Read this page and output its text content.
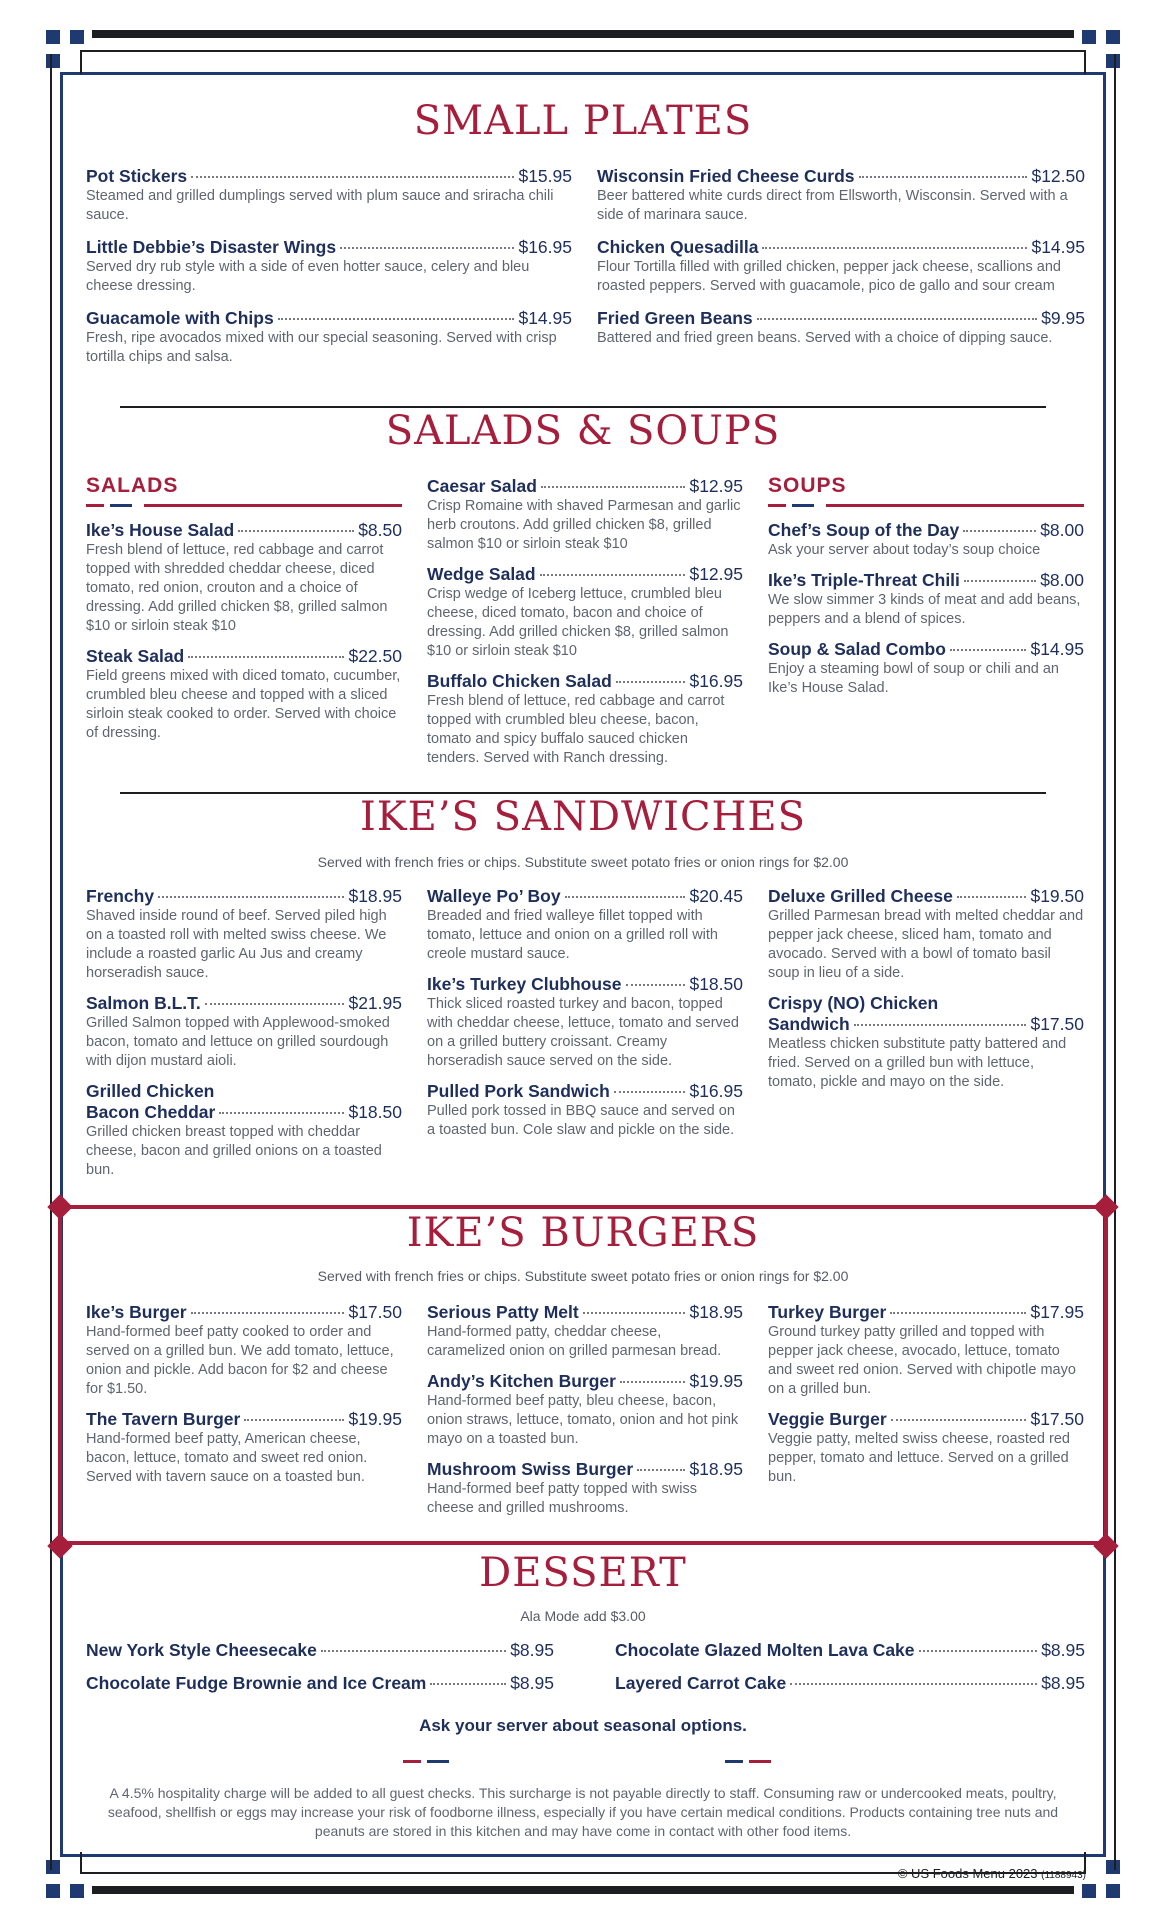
SMALL PLATES
Pot Stickers	$15.95
Steamed and grilled dumplings served with plum sauce and sriracha chili sauce.
Little Debbie’s Disaster Wings	$16.95
Served dry rub style with a side of even hotter sauce, celery and bleu cheese dressing.
Guacamole with Chips	$14.95
Fresh, ripe avocados mixed with our special seasoning. Served with crisp tortilla chips and salsa.
Wisconsin Fried Cheese Curds	$12.50
Beer battered white curds direct from Ellsworth, Wisconsin. Served with a side of marinara sauce.
Chicken Quesadilla	$14.95
Flour Tortilla filled with grilled chicken, pepper jack cheese, scallions and roasted peppers. Served with guacamole, pico de gallo and sour cream
Fried Green Beans	$9.95
Battered and fried green beans. Served with a choice of dipping sauce.
SALADS & SOUPS
SALADS
Ike’s House Salad	$8.50
Fresh blend of lettuce, red cabbage and carrot topped with shredded cheddar cheese, diced tomato, red onion, crouton and a choice of dressing. Add grilled chicken $8, grilled salmon $10 or sirloin steak $10
Steak Salad	$22.50
Field greens mixed with diced tomato, cucumber, crumbled bleu cheese and topped with a sliced sirloin steak cooked to order. Served with choice of dressing.
Caesar Salad	$12.95
Crisp Romaine with shaved Parmesan and garlic herb croutons. Add grilled chicken $8, grilled salmon $10 or sirloin steak $10
Wedge Salad	$12.95
Crisp wedge of Iceberg lettuce, crumbled bleu cheese, diced tomato, bacon and choice of dressing. Add grilled chicken $8, grilled salmon $10 or sirloin steak $10
Buffalo Chicken Salad	$16.95
Fresh blend of lettuce, red cabbage and carrot topped with crumbled bleu cheese, bacon, tomato and spicy buffalo sauced chicken tenders. Served with Ranch dressing.
SOUPS
Chef’s Soup of the Day	$8.00
Ask your server about today’s soup choice
Ike’s Triple-Threat Chili	$8.00
We slow simmer 3 kinds of meat and add beans, peppers and a blend of spices.
Soup & Salad Combo	$14.95
Enjoy a steaming bowl of soup or chili and an Ike’s House Salad.
IKE’S SANDWICHES
Served with french fries or chips. Substitute sweet potato fries or onion rings for $2.00
Frenchy	$18.95
Shaved inside round of beef. Served piled high on a toasted roll with melted swiss cheese. We include a roasted garlic Au Jus and creamy horseradish sauce.
Salmon B.L.T.	$21.95
Grilled Salmon topped with Applewood-smoked bacon, tomato and lettuce on grilled sourdough with dijon mustard aioli.
Grilled Chicken
Bacon Cheddar	$18.50
Grilled chicken breast topped with cheddar cheese, bacon and grilled onions on a toasted bun.
Walleye Po’ Boy	$20.45
Breaded and fried walleye fillet topped with tomato, lettuce and onion on a grilled roll with creole mustard sauce.
Ike’s Turkey Clubhouse	$18.50
Thick sliced roasted turkey and bacon, topped with cheddar cheese, lettuce, tomato and served on a grilled buttery croissant. Creamy horseradish sauce served on the side.
Pulled Pork Sandwich	$16.95
Pulled pork tossed in BBQ sauce and served on a toasted bun. Cole slaw and pickle on the side.
Deluxe Grilled Cheese	$19.50
Grilled Parmesan bread with melted cheddar and pepper jack cheese, sliced ham, tomato and avocado. Served with a bowl of tomato basil soup in lieu of a side.
Crispy (NO) Chicken
Sandwich	$17.50
Meatless chicken substitute patty battered and fried. Served on a grilled bun with lettuce, tomato, pickle and mayo on the side.
IKE’S BURGERS
Served with french fries or chips. Substitute sweet potato fries or onion rings for $2.00
Ike’s Burger	$17.50
Hand-formed beef patty cooked to order and served on a grilled bun. We add tomato, lettuce, onion and pickle. Add bacon for $2 and cheese for $1.50.
The Tavern Burger	$19.95
Hand-formed beef patty, American cheese, bacon, lettuce, tomato and sweet red onion. Served with tavern sauce on a toasted bun.
Serious Patty Melt	$18.95
Hand-formed patty, cheddar cheese, caramelized onion on grilled parmesan bread.
Andy’s Kitchen Burger	$19.95
Hand-formed beef patty, bleu cheese, bacon, onion straws, lettuce, tomato, onion and hot pink mayo on a toasted bun.
Mushroom Swiss Burger	$18.95
Hand-formed beef patty topped with swiss cheese and grilled mushrooms.
Turkey Burger	$17.95
Ground turkey patty grilled and topped with pepper jack cheese, avocado, lettuce, tomato and sweet red onion. Served with chipotle mayo on a grilled bun.
Veggie Burger	$17.50
Veggie patty, melted swiss cheese, roasted red pepper, tomato and lettuce. Served on a grilled bun.
DESSERT
Ala Mode add $3.00
New York Style Cheesecake	$8.95
Chocolate Fudge Brownie and Ice Cream	$8.95
Chocolate Glazed Molten Lava Cake	$8.95
Layered Carrot Cake	$8.95
Ask your server about seasonal options.
A 4.5% hospitality charge will be added to all guest checks. This surcharge is not payable directly to staff. Consuming raw or undercooked meats, poultry, seafood, shellfish or eggs may increase your risk of foodborne illness, especially if you have certain medical conditions. Products containing tree nuts and peanuts are stored in this kitchen and may have come in contact with other food items.
© US Foods Menu 2023 (1188943)
